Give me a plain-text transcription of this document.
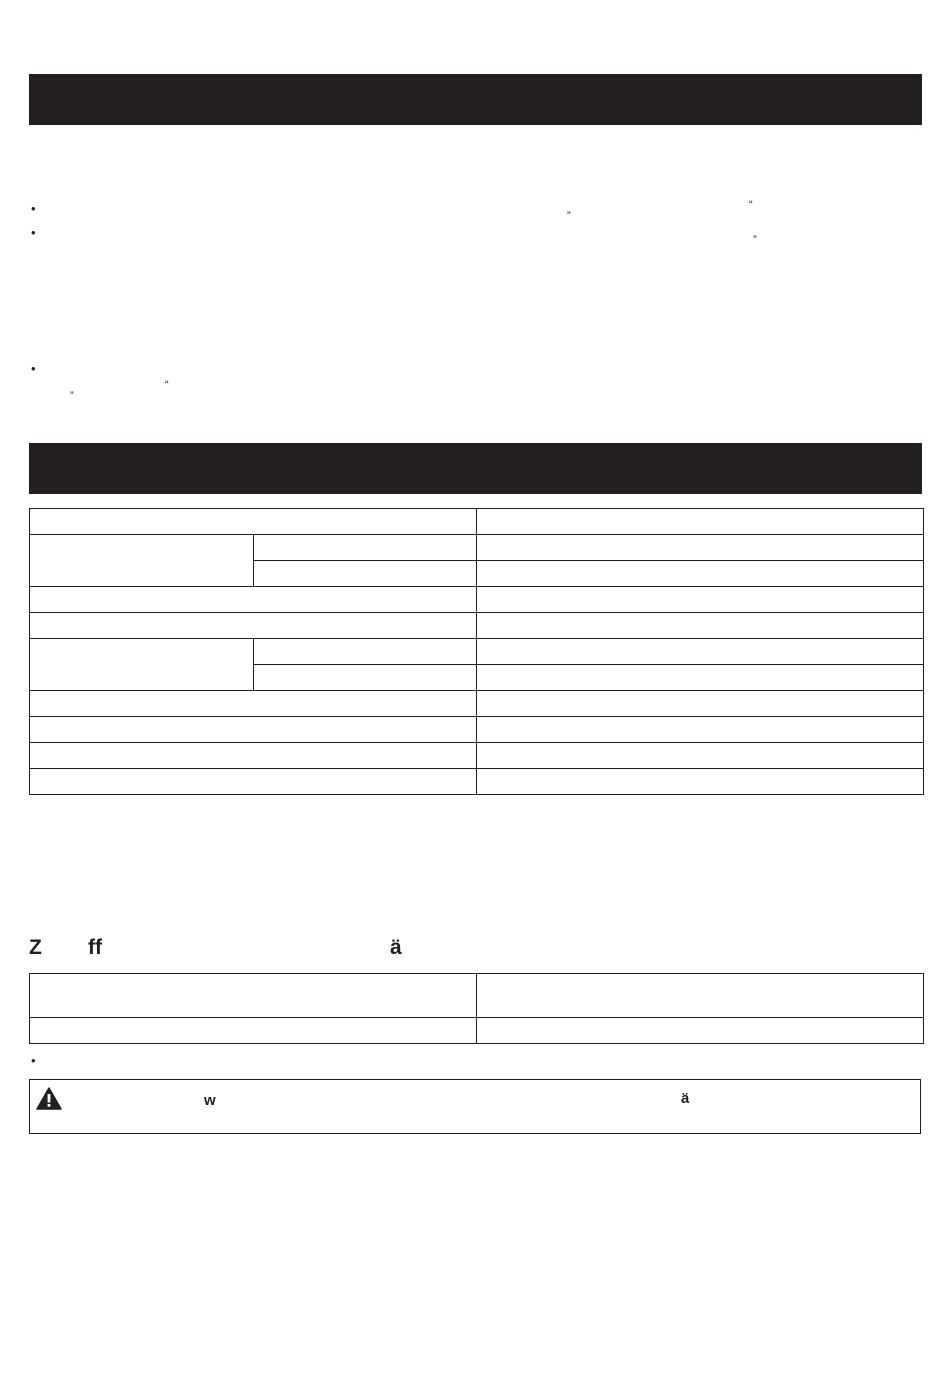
•
•
•
“
”
”
“
”

Z ff	ä

•
w	ä
